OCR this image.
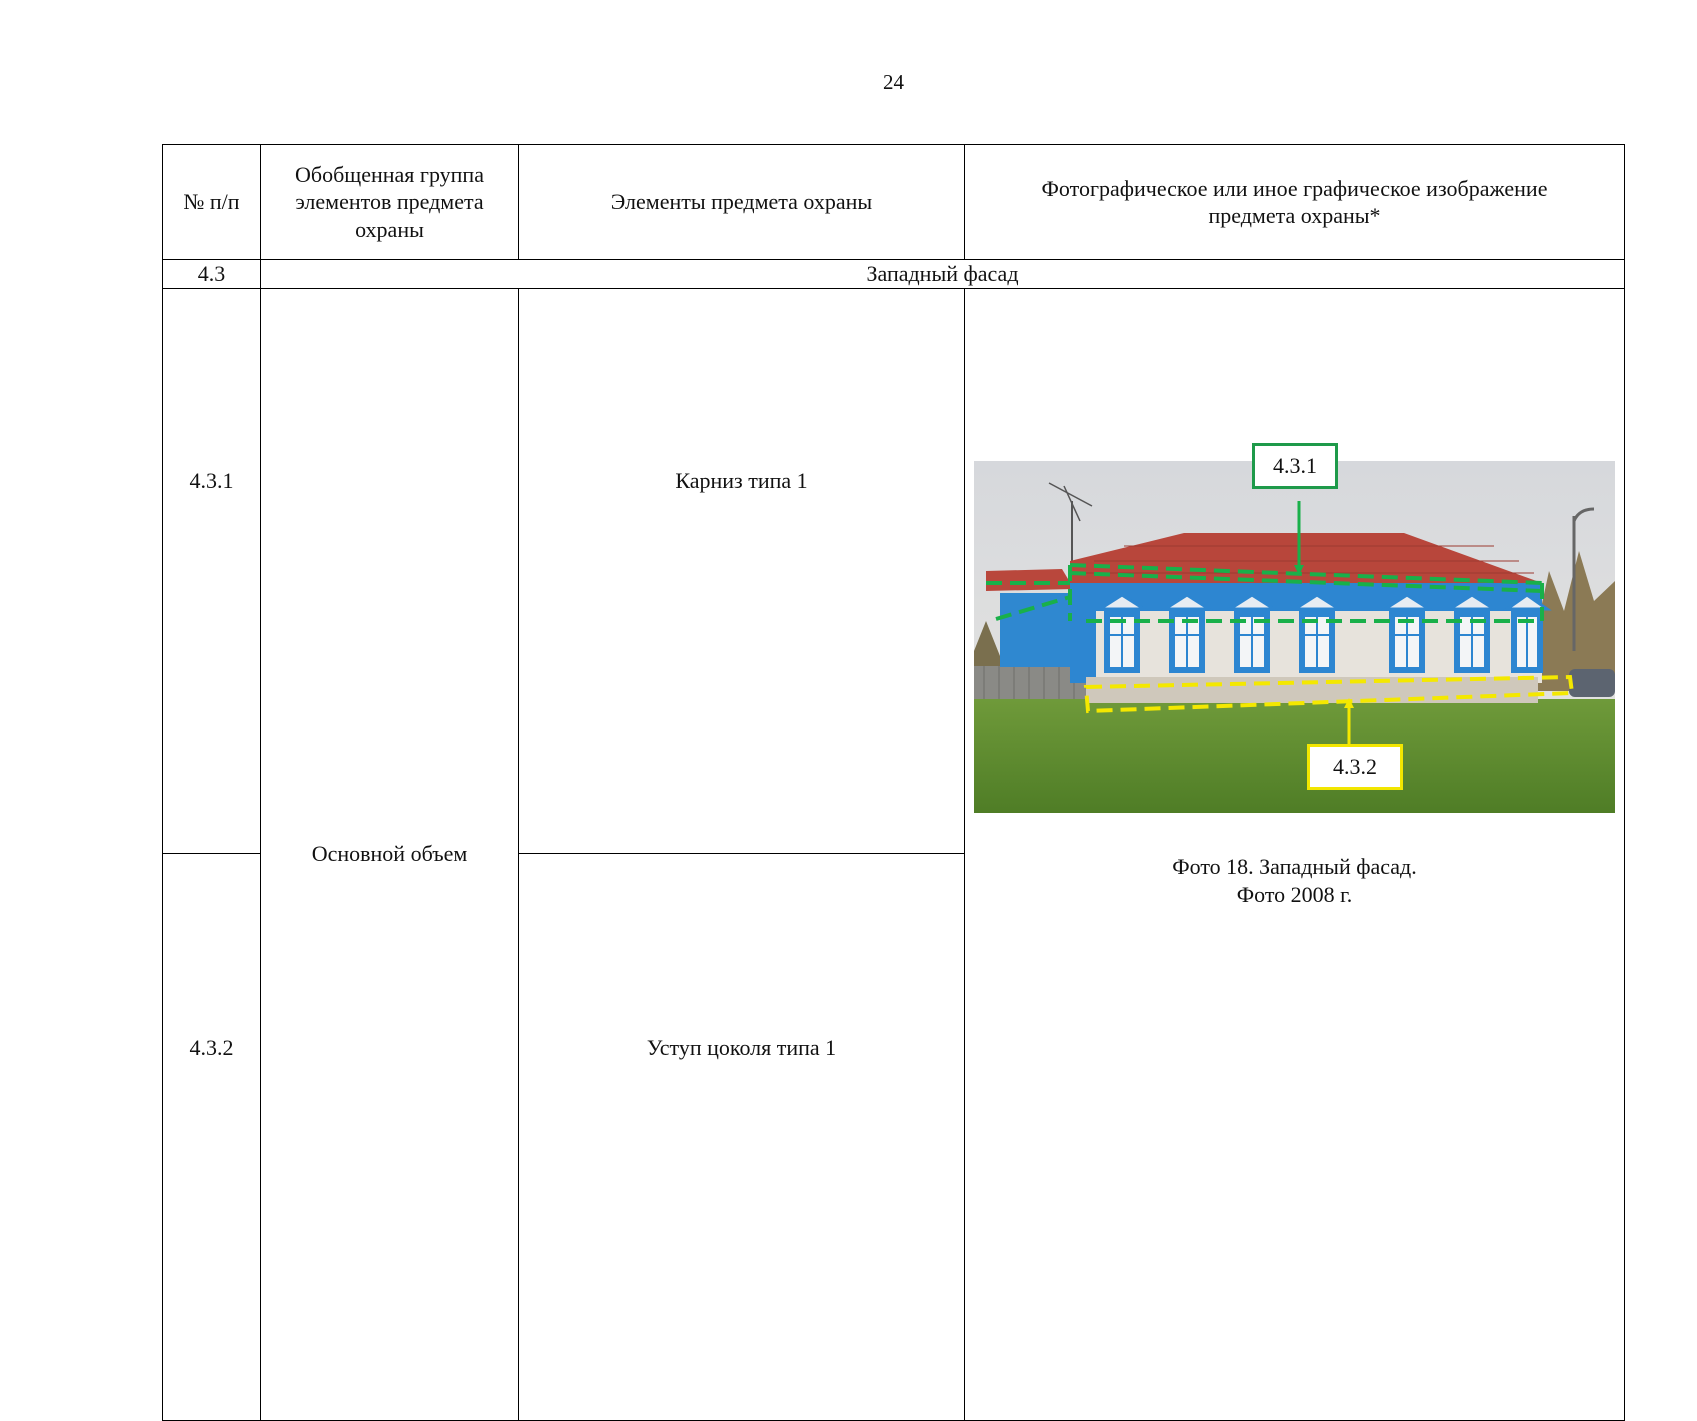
24
№ п/п	Обобщенная группа элементов предмета охраны	Элементы предмета охраны	Фотографическое или иное графическое изображение предмета охраны*
4.3	Западный фасад		
4.3.1	Основной объем	Карниз типа 1	4.3.1
4.3.2
Фото 18. Западный фасад.
Фото 2008 г.

4.3.2		Уступ цоколя типа 1	
